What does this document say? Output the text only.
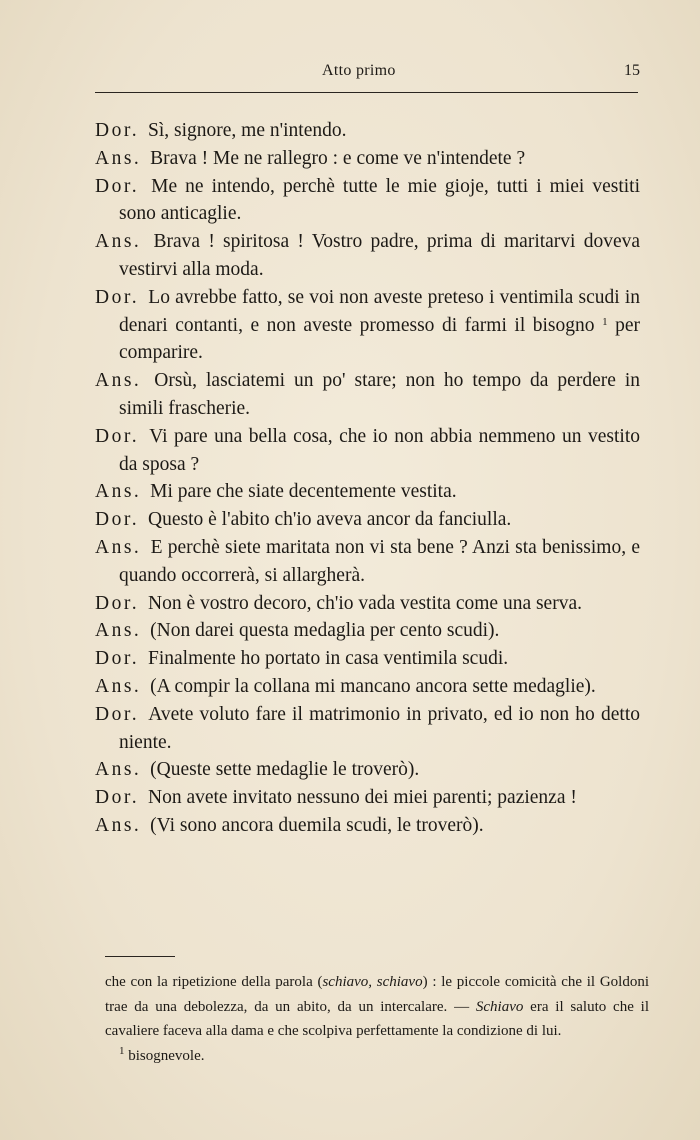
Atto primo	15

Dor. Sì, signore, me n'intendo.

Ans. Brava ! Me ne rallegro : e come ve n'intendete ?

Dor. Me ne intendo, perchè tutte le mie gioje, tutti i miei vestiti sono anticaglie.

Ans. Brava ! spiritosa ! Vostro padre, prima di maritarvi doveva vestirvi alla moda.

Dor. Lo avrebbe fatto, se voi non aveste preteso i ventimila scudi in denari contanti, e non aveste promesso di farmi il bisogno $^1$ per comparire.

Ans. Orsù, lasciatemi un po' stare; non ho tempo da perdere in simili frascherie.

Dor. Vi pare una bella cosa, che io non abbia nemmeno un vestito da sposa ?

Ans. Mi pare che siate decentemente vestita.

Dor. Questo è l'abito ch'io aveva ancor da fanciulla.

Ans. E perchè siete maritata non vi sta bene ? Anzi sta benissimo, e quando occorrerà, si allargherà.

Dor. Non è vostro decoro, ch'io vada vestita come una serva.

Ans. (Non darei questa medaglia per cento scudi).

Dor. Finalmente ho portato in casa ventimila scudi.

Ans. (A compir la collana mi mancano ancora sette medaglie).

Dor. Avete voluto fare il matrimonio in privato, ed io non ho detto niente.

Ans. (Queste sette medaglie le troverò).

Dor. Non avete invitato nessuno dei miei parenti; pazienza !

Ans. (Vi sono ancora duemila scudi, le troverò).

che con la ripetizione della parola (schiavo, schiavo) : le piccole comicità che il Goldoni trae da una debolezza, da un abito, da un intercalare. — Schiavo era il saluto che il cavaliere faceva alla dama e che scolpiva perfettamente la condizione di lui.

$^1$ bisognevole.
